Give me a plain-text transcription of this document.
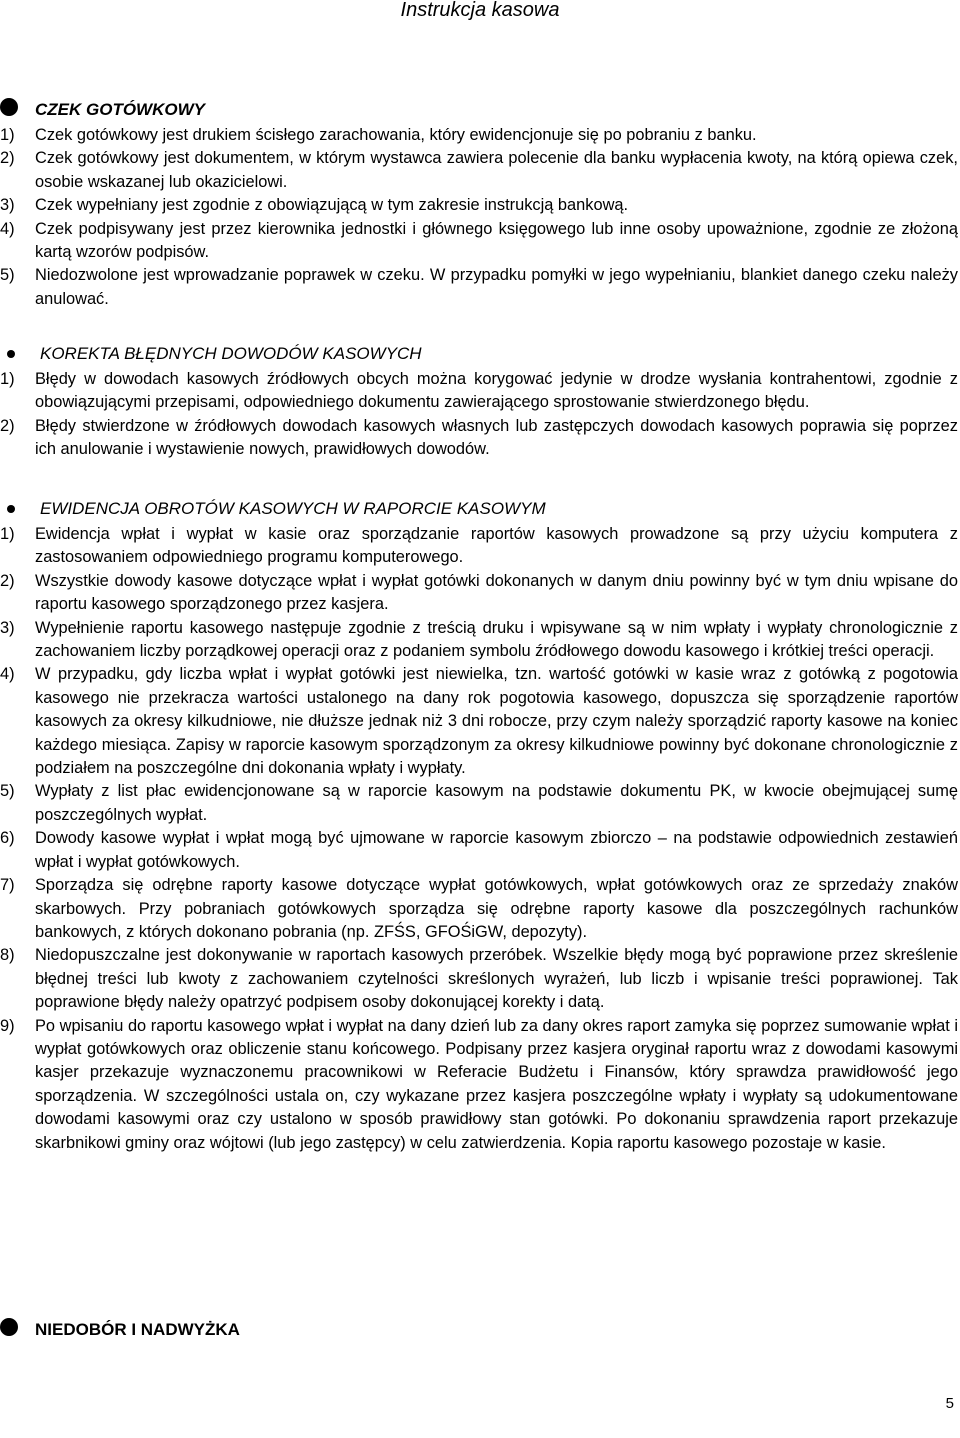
Instrukcja kasowa
CZEK GOTÓWKOWY
1) Czek gotówkowy jest drukiem ścisłego zarachowania, który ewidencjonuje się po pobraniu z banku.
2) Czek gotówkowy jest dokumentem, w którym wystawca zawiera polecenie dla banku wypłacenia kwoty, na którą opiewa czek, osobie wskazanej lub okazicielowi.
3) Czek wypełniany jest zgodnie z obowiązującą w tym zakresie instrukcją bankową.
4) Czek podpisywany jest przez kierownika jednostki i głównego księgowego lub inne osoby upoważnione, zgodnie ze złożoną kartą wzorów podpisów.
5) Niedozwolone jest wprowadzanie poprawek w czeku. W przypadku pomyłki w jego wypełnianiu, blankiet danego czeku należy anulować.
KOREKTA BŁĘDNYCH DOWODÓW KASOWYCH
1) Błędy w dowodach kasowych źródłowych obcych można korygować jedynie w drodze wysłania kontrahentowi, zgodnie z obowiązującymi przepisami, odpowiedniego dokumentu zawierającego sprostowanie stwierdzonego błędu.
2) Błędy stwierdzone w źródłowych dowodach kasowych własnych lub zastępczych dowodach kasowych poprawia się poprzez ich anulowanie i wystawienie nowych, prawidłowych dowodów.
EWIDENCJA OBROTÓW KASOWYCH W RAPORCIE KASOWYM
1) Ewidencja wpłat i wypłat w kasie oraz sporządzanie raportów kasowych prowadzone są przy użyciu komputera z zastosowaniem odpowiedniego programu komputerowego.
2) Wszystkie dowody kasowe dotyczące wpłat i wypłat gotówki dokonanych w danym dniu powinny być w tym dniu wpisane do raportu kasowego sporządzonego przez kasjera.
3) Wypełnienie raportu kasowego następuje zgodnie z treścią druku i wpisywane są w nim wpłaty i wypłaty chronologicznie z zachowaniem liczby porządkowej operacji oraz z podaniem symbolu źródłowego dowodu kasowego i krótkiej treści operacji.
4) W przypadku, gdy liczba wpłat i wypłat gotówki jest niewielka, tzn. wartość gotówki w kasie wraz z gotówką z pogotowia kasowego nie przekracza wartości ustalonego na dany rok pogotowia kasowego, dopuszcza się sporządzenie raportów kasowych za okresy kilkudniowe, nie dłuższe jednak niż 3 dni robocze, przy czym należy sporządzić raporty kasowe na koniec każdego miesiąca. Zapisy w raporcie kasowym sporządzonym za okresy kilkudniowe powinny być dokonane chronologicznie z podziałem na poszczególne dni dokonania wpłaty i wypłaty.
5) Wypłaty z list płac ewidencjonowane są w raporcie kasowym na podstawie dokumentu PK, w kwocie obejmującej sumę poszczególnych wypłat.
6) Dowody kasowe wypłat i wpłat mogą być ujmowane w raporcie kasowym zbiorczo – na podstawie odpowiednich zestawień wpłat i wypłat gotówkowych.
7) Sporządza się odrębne raporty kasowe dotyczące wypłat gotówkowych, wpłat gotówkowych oraz ze sprzedaży znaków skarbowych. Przy pobraniach gotówkowych sporządza się odrębne raporty kasowe dla poszczególnych rachunków bankowych, z których dokonano pobrania (np. ZFŚS, GFOŚiGW, depozyty).
8) Niedopuszczalne jest dokonywanie w raportach kasowych przeróbek. Wszelkie błędy mogą być poprawione przez skreślenie błędnej treści lub kwoty z zachowaniem czytelności skreślonych wyrażeń, lub liczb i wpisanie treści poprawionej. Tak poprawione błędy należy opatrzyć podpisem osoby dokonującej korekty i datą.
9) Po wpisaniu do raportu kasowego wpłat i wypłat na dany dzień lub za dany okres raport zamyka się poprzez sumowanie wpłat i wypłat gotówkowych oraz obliczenie stanu końcowego. Podpisany przez kasjera oryginał raportu wraz z dowodami kasowymi kasjer przekazuje wyznaczonemu pracownikowi w Referacie Budżetu i Finansów, który sprawdza prawidłowość jego sporządzenia. W szczególności ustala on, czy wykazane przez kasjera poszczególne wpłaty i wypłaty są udokumentowane dowodami kasowymi oraz czy ustalono w sposób prawidłowy stan gotówki. Po dokonaniu sprawdzenia raport przekazuje skarbnikowi gminy oraz wójtowi (lub jego zastępcy) w celu zatwierdzenia. Kopia raportu kasowego pozostaje w kasie.
NIEDOBÓR I NADWYŻKA
5
